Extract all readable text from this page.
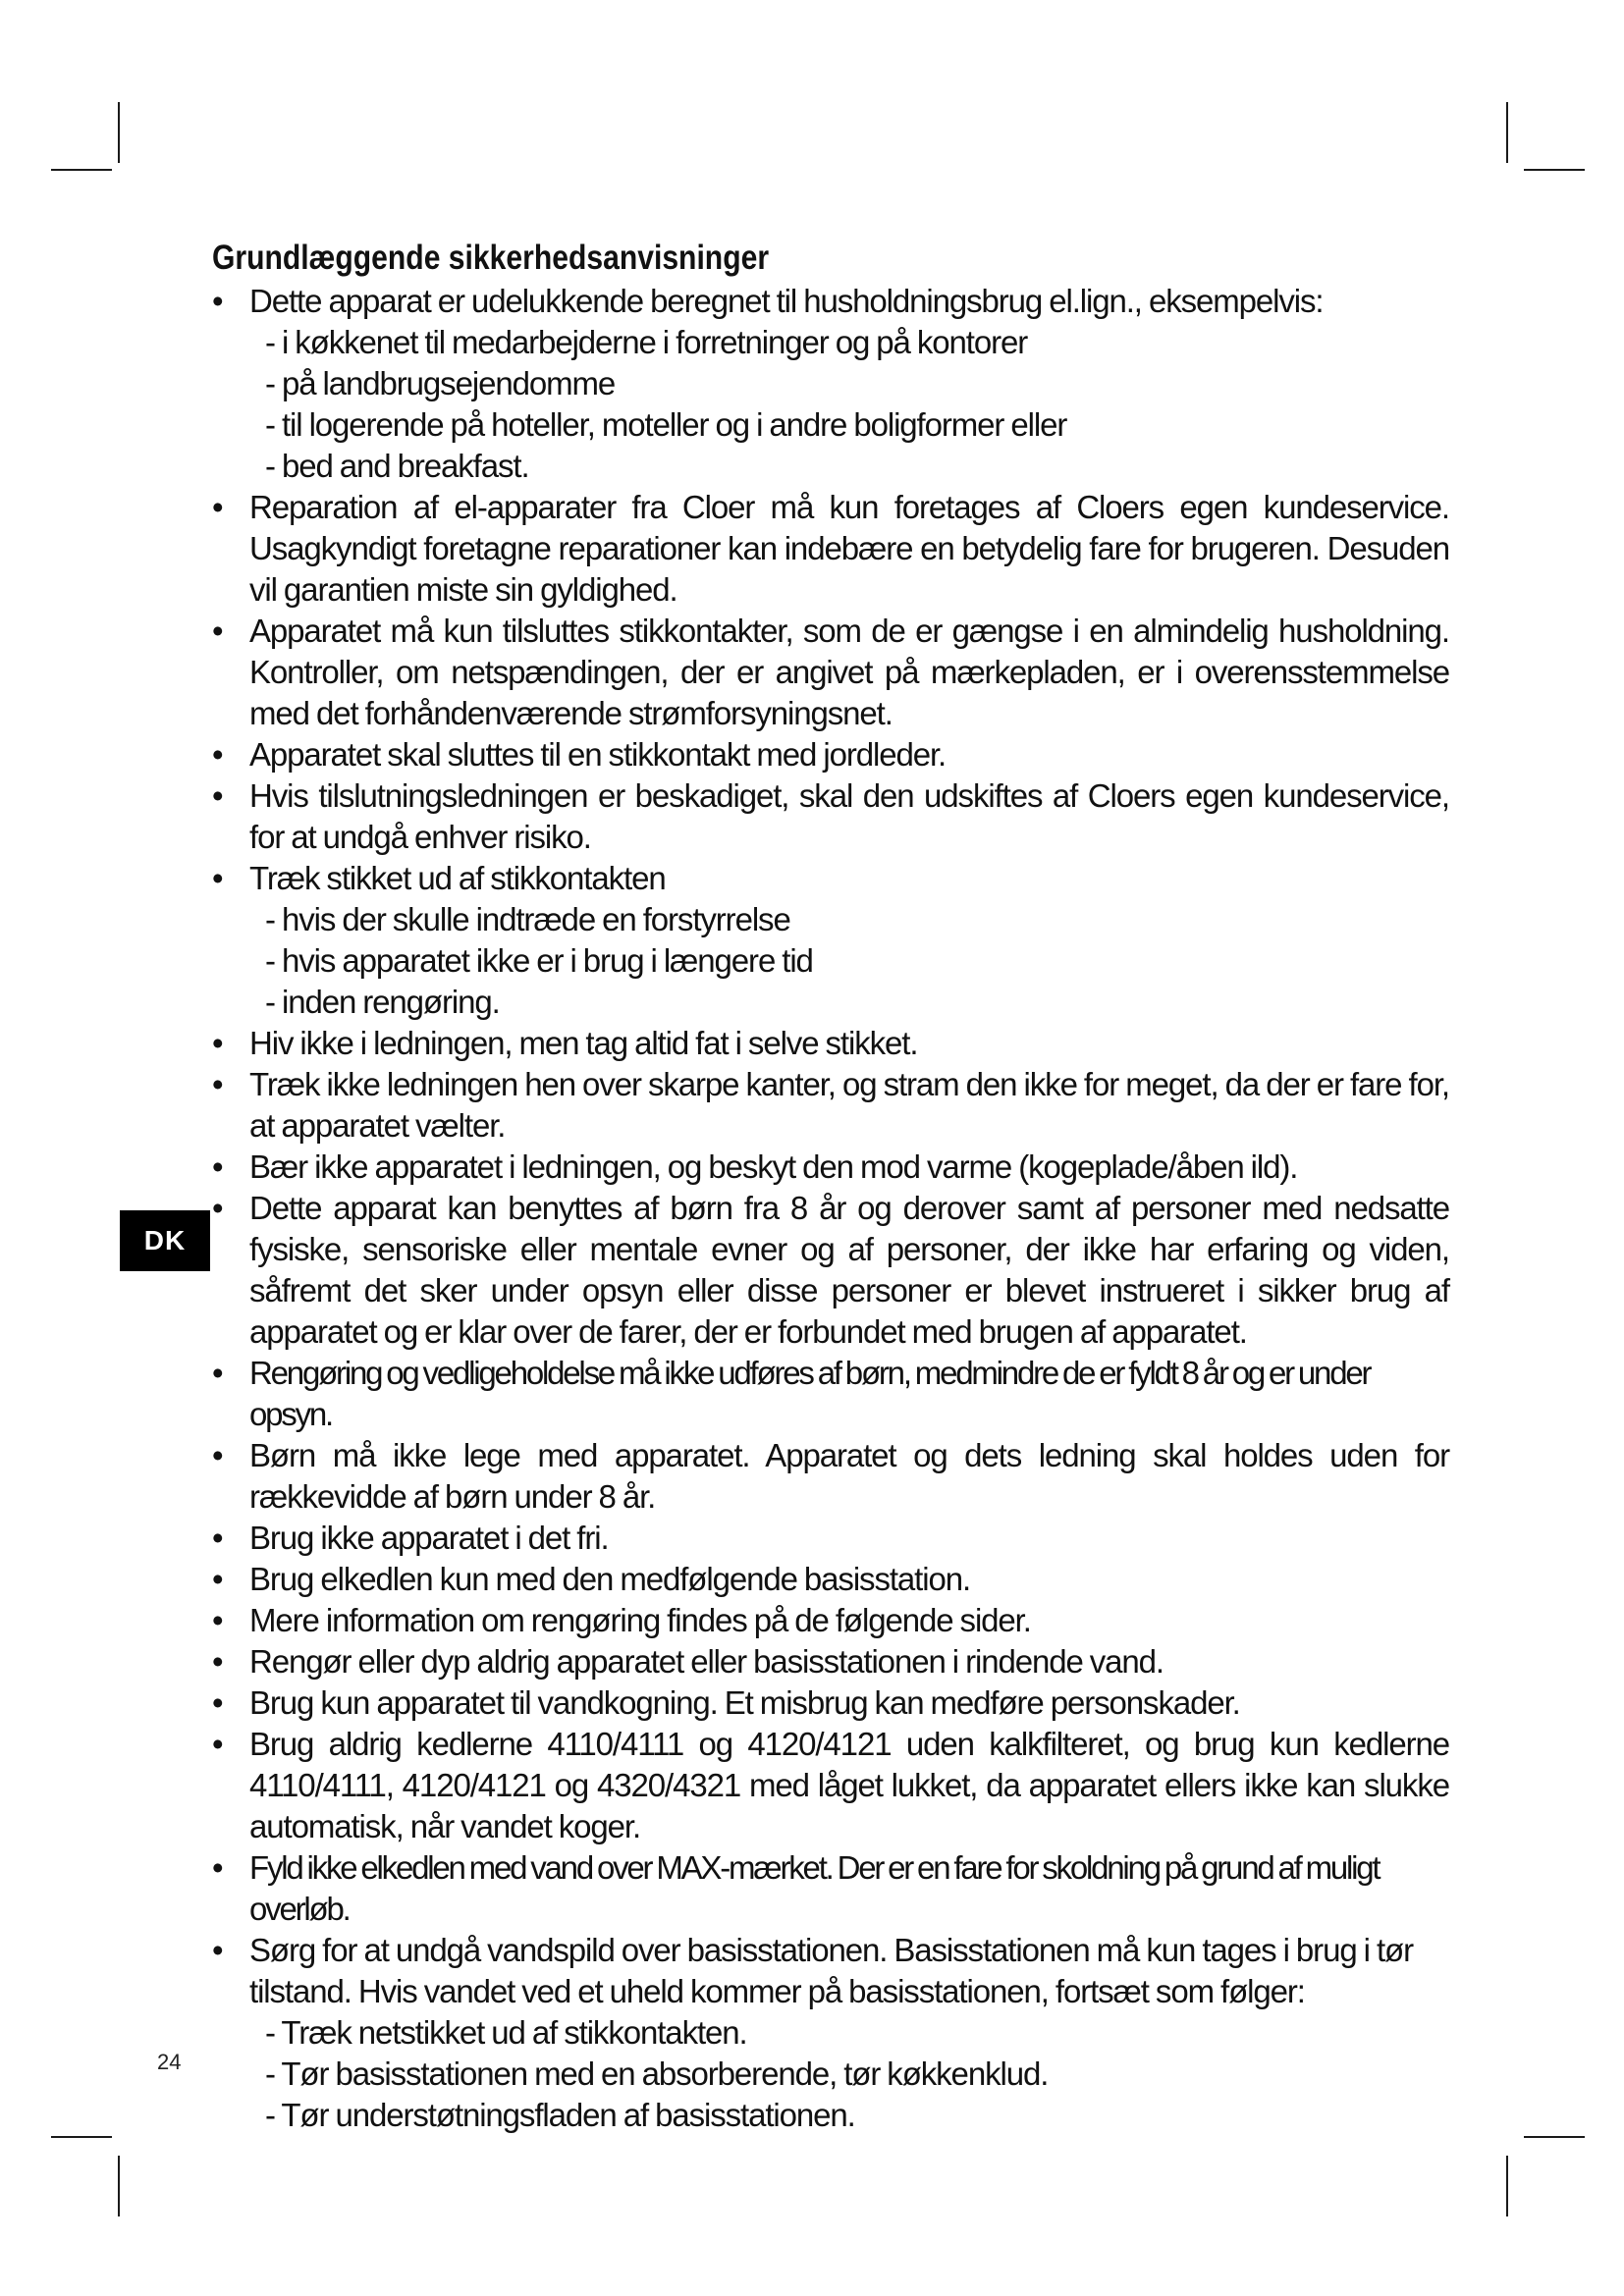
Grundlæggende sikkerhedsanvisninger
• Dette apparat er udelukkende beregnet til husholdningsbrug el.lign., eksempelvis:
- i køkkenet til medarbejderne i forretninger og på kontorer
- på landbrugsejendomme
- til logerende på hoteller, moteller og i andre boligformer eller
- bed and breakfast.
• Reparation af el-apparater fra Cloer må kun foretages af Cloers egen kundeservice. Usagkyndigt foretagne reparationer kan indebære en betydelig fare for brugeren. Desuden vil garantien miste sin gyldighed.
• Apparatet må kun tilsluttes stikkontakter, som de er gængse i en almindelig husholdning. Kontroller, om netspændingen, der er angivet på mærkepladen, er i overensstemmelse med det forhåndenværende strømforsyningsnet.
• Apparatet skal sluttes til en stikkontakt med jordleder.
• Hvis tilslutningsledningen er beskadiget, skal den udskiftes af Cloers egen kundeservice, for at undgå enhver risiko.
• Træk stikket ud af stikkontakten
- hvis der skulle indtræde en forstyrrelse
- hvis apparatet ikke er i brug i længere tid
- inden rengøring.
• Hiv ikke i ledningen, men tag altid fat i selve stikket.
• Træk ikke ledningen hen over skarpe kanter, og stram den ikke for meget, da der er fare for, at apparatet vælter.
• Bær ikke apparatet i ledningen, og beskyt den mod varme (kogeplade/åben ild).
• Dette apparat kan benyttes af børn fra 8 år og derover samt af personer med nedsatte fysiske, sensoriske eller mentale evner og af personer, der ikke har erfaring og viden, såfremt det sker under opsyn eller disse personer er blevet instrueret i sikker brug af apparatet og er klar over de farer, der er forbundet med brugen af apparatet.
• Rengøring og vedligeholdelse må ikke udføres af børn, medmindre de er fyldt 8 år og er under opsyn.
• Børn må ikke lege med apparatet. Apparatet og dets ledning skal holdes uden for rækkevidde af børn under 8 år.
• Brug ikke apparatet i det fri.
• Brug elkedlen kun med den medfølgende basisstation.
• Mere information om rengøring findes på de følgende sider.
• Rengør eller dyp aldrig apparatet eller basisstationen i rindende vand.
• Brug kun apparatet til vandkogning. Et misbrug kan medføre personskader.
• Brug aldrig kedlerne 4110/4111 og 4120/4121 uden kalkfilteret, og brug kun kedlerne 4110/4111, 4120/4121 og 4320/4321 med låget lukket, da apparatet ellers ikke kan slukke automatisk, når vandet koger.
• Fyld ikke elkedlen med vand over MAX-mærket. Der er en fare for skoldning på grund af muligt overløb.
• Sørg for at undgå vandspild over basisstationen. Basisstationen må kun tages i brug i tør tilstand. Hvis vandet ved et uheld kommer på basisstationen, fortsæt som følger:
- Træk netstikket ud af stikkontakten.
- Tør basisstationen med en absorberende, tør køkkenklud.
- Tør understøtningsfladen af basisstationen.
DK
24
